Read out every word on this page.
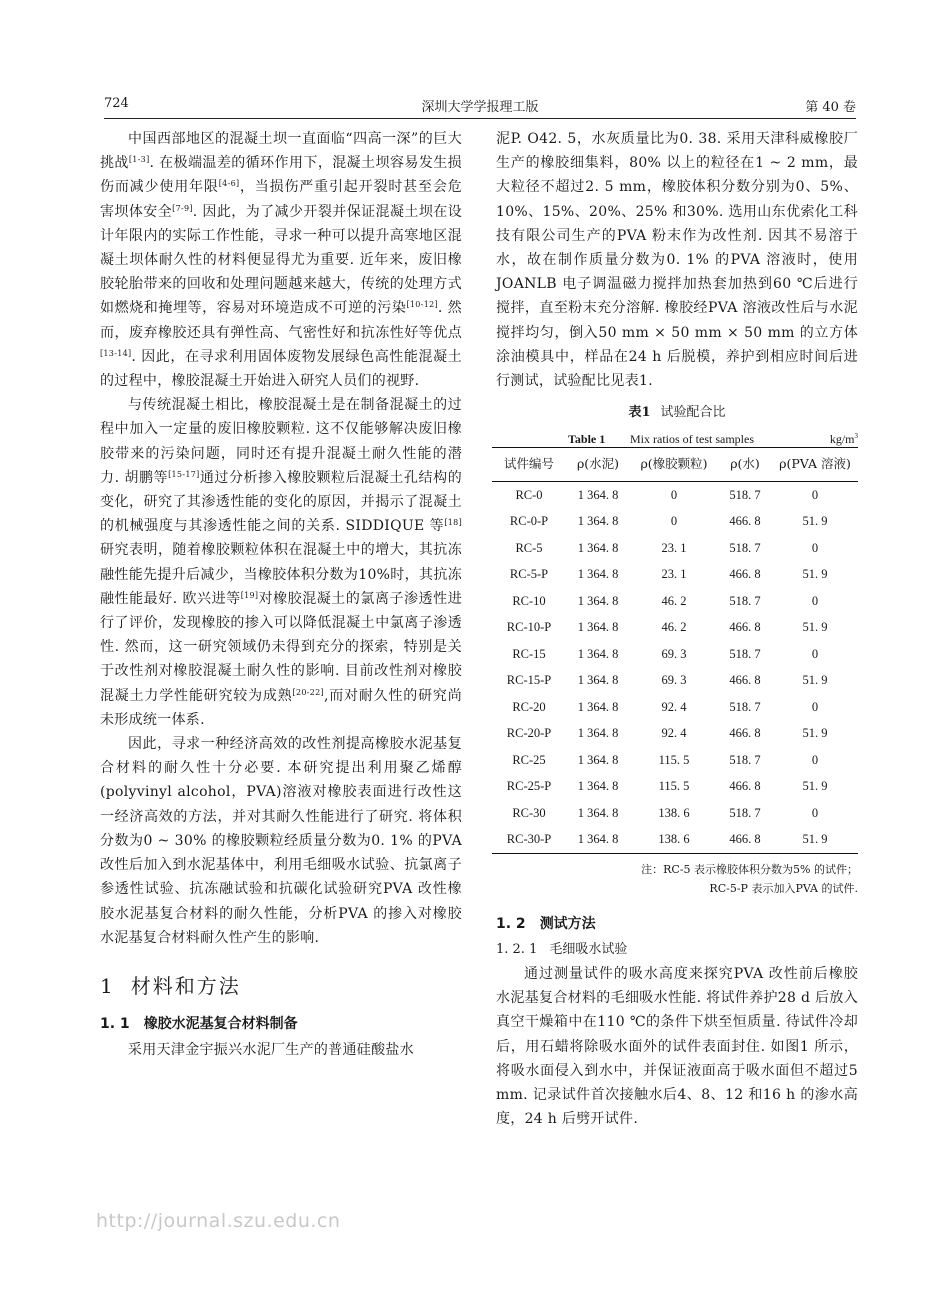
724	深圳大学学报理工版	第 40 卷

中国西部地区的混凝土坝一直面临“四高一深”的巨大挑战[1-3]. 在极端温差的循环作用下，混凝土坝容易发生损伤而减少使用年限[4-6]，当损伤严重引起开裂时甚至会危害坝体安全[7-9]. 因此，为了减少开裂并保证混凝土坝在设计年限内的实际工作性能，寻求一种可以提升高寒地区混凝土坝体耐久性的材料便显得尤为重要. 近年来，废旧橡胶轮胎带来的回收和处理问题越来越大，传统的处理方式如燃烧和掩埋等，容易对环境造成不可逆的污染[10-12]. 然而，废弃橡胶还具有弹性高、气密性好和抗冻性好等优点[13-14]. 因此，在寻求利用固体废物发展绿色高性能混凝土的过程中，橡胶混凝土开始进入研究人员们的视野.

与传统混凝土相比，橡胶混凝土是在制备混凝土的过程中加入一定量的废旧橡胶颗粒. 这不仅能够解决废旧橡胶带来的污染问题，同时还有提升混凝土耐久性能的潜力. 胡鹏等[15-17]通过分析掺入橡胶颗粒后混凝土孔结构的变化，研究了其渗透性能的变化的原因，并揭示了混凝土的机械强度与其渗透性能之间的关系. SIDDIQUE 等[18]研究表明，随着橡胶颗粒体积在混凝土中的增大，其抗冻融性能先提升后减少，当橡胶体积分数为10%时，其抗冻融性能最好. 欧兴进等[19]对橡胶混凝土的氯离子渗透性进行了评价，发现橡胶的掺入可以降低混凝土中氯离子渗透性. 然而，这一研究领域仍未得到充分的探索，特别是关于改性剂对橡胶混凝土耐久性的影响. 目前改性剂对橡胶混凝土力学性能研究较为成熟[20-22],而对耐久性的研究尚未形成统一体系.

因此，寻求一种经济高效的改性剂提高橡胶水泥基复合材料的耐久性十分必要. 本研究提出利用聚乙烯醇(polyvinyl alcohol，PVA)溶液对橡胶表面进行改性这一经济高效的方法，并对其耐久性能进行了研究. 将体积分数为0 ~ 30% 的橡胶颗粒经质量分数为0. 1% 的PVA 改性后加入到水泥基体中，利用毛细吸水试验、抗氯离子参透性试验、抗冻融试验和抗碳化试验研究PVA 改性橡胶水泥基复合材料的耐久性能，分析PVA 的掺入对橡胶水泥基复合材料耐久性产生的影响.

1 材料和方法
1. 1 橡胶水泥基复合材料制备

采用天津金宇振兴水泥厂生产的普通硅酸盐水

泥P. O42. 5，水灰质量比为0. 38. 采用天津科威橡胶厂生产的橡胶细集料，80% 以上的粒径在1 ~ 2 mm，最大粒径不超过2. 5 mm，橡胶体积分数分别为0、5%、10%、15%、20%、25% 和30%. 选用山东优索化工科技有限公司生产的PVA 粉末作为改性剂. 因其不易溶于水，故在制作质量分数为0. 1% 的PVA 溶液时，使用JOANLB 电子调温磁力搅拌加热套加热到60 ℃后进行搅拌，直至粉末充分溶解. 橡胶经PVA 溶液改性后与水泥搅拌均匀，倒入50 mm × 50 mm × 50 mm 的立方体涂油模具中，样品在24 h 后脱模，养护到相应时间后进行测试，试验配比见表1.

表1 试验配合比
Table 1 Mix ratios of test samples	$kg/m^3$
试件编号	ρ(水泥)	ρ(橡胶颗粒)	ρ(水)	ρ(PVA 溶液)
RC-0	1 364. 8	0	518. 7	0
RC-0-P	1 364. 8	0	466. 8	51. 9
RC-5	1 364. 8	23. 1	518. 7	0
RC-5-P	1 364. 8	23. 1	466. 8	51. 9
RC-10	1 364. 8	46. 2	518. 7	0
RC-10-P	1 364. 8	46. 2	466. 8	51. 9
RC-15	1 364. 8	69. 3	518. 7	0
RC-15-P	1 364. 8	69. 3	466. 8	51. 9
RC-20	1 364. 8	92. 4	518. 7	0
RC-20-P	1 364. 8	92. 4	466. 8	51. 9
RC-25	1 364. 8	115. 5	518. 7	0
RC-25-P	1 364. 8	115. 5	466. 8	51. 9
RC-30	1 364. 8	138. 6	518. 7	0
RC-30-P	1 364. 8	138. 6	466. 8	51. 9
注：RC-5 表示橡胶体积分数为5% 的试件；
RC-5-P 表示加入PVA 的试件.
1. 2 测试方法
1. 2. 1 毛细吸水试验

通过测量试件的吸水高度来探究PVA 改性前后橡胶水泥基复合材料的毛细吸水性能. 将试件养护28 d 后放入真空干燥箱中在110 ℃的条件下烘至恒质量. 待试件冷却后，用石蜡将除吸水面外的试件表面封住. 如图1 所示，将吸水面侵入到水中，并保证液面高于吸水面但不超过5 mm. 记录试件首次接触水后4、8、12 和16 h 的渗水高度，24 h 后劈开试件.

http://journal.szu.edu.cn
